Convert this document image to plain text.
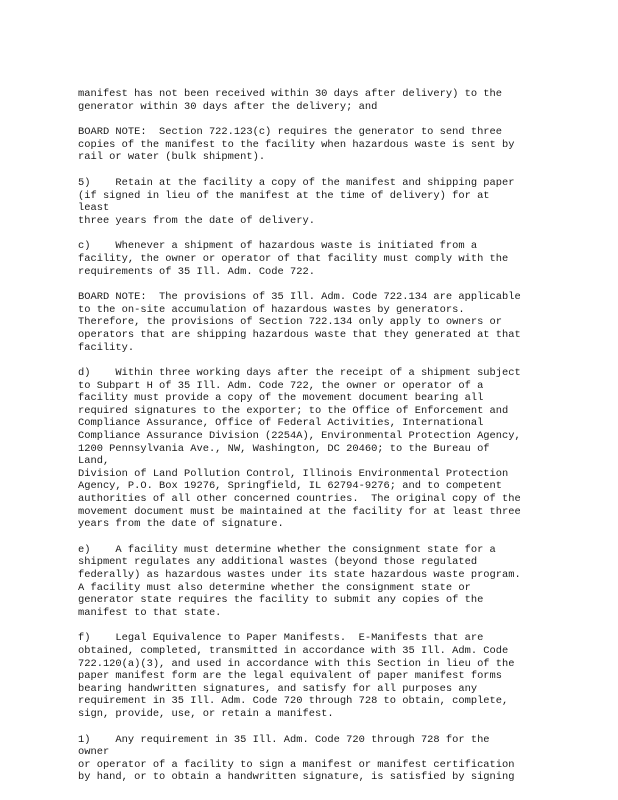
manifest has not been received within 30 days after delivery) to the
generator within 30 days after the delivery; and

BOARD NOTE:  Section 722.123(c) requires the generator to send three
copies of the manifest to the facility when hazardous waste is sent by
rail or water (bulk shipment).

5)    Retain at the facility a copy of the manifest and shipping paper
(if signed in lieu of the manifest at the time of delivery) for at least
three years from the date of delivery.

c)    Whenever a shipment of hazardous waste is initiated from a
facility, the owner or operator of that facility must comply with the
requirements of 35 Ill. Adm. Code 722.

BOARD NOTE:  The provisions of 35 Ill. Adm. Code 722.134 are applicable
to the on-site accumulation of hazardous wastes by generators.
Therefore, the provisions of Section 722.134 only apply to owners or
operators that are shipping hazardous waste that they generated at that
facility.

d)    Within three working days after the receipt of a shipment subject
to Subpart H of 35 Ill. Adm. Code 722, the owner or operator of a
facility must provide a copy of the movement document bearing all
required signatures to the exporter; to the Office of Enforcement and
Compliance Assurance, Office of Federal Activities, International
Compliance Assurance Division (2254A), Environmental Protection Agency,
1200 Pennsylvania Ave., NW, Washington, DC 20460; to the Bureau of Land,
Division of Land Pollution Control, Illinois Environmental Protection
Agency, P.O. Box 19276, Springfield, IL 62794-9276; and to competent
authorities of all other concerned countries.  The original copy of the
movement document must be maintained at the facility for at least three
years from the date of signature.

e)    A facility must determine whether the consignment state for a
shipment regulates any additional wastes (beyond those regulated
federally) as hazardous wastes under its state hazardous waste program.
A facility must also determine whether the consignment state or
generator state requires the facility to submit any copies of the
manifest to that state.

f)    Legal Equivalence to Paper Manifests.  E-Manifests that are
obtained, completed, transmitted in accordance with 35 Ill. Adm. Code
722.120(a)(3), and used in accordance with this Section in lieu of the
paper manifest form are the legal equivalent of paper manifest forms
bearing handwritten signatures, and satisfy for all purposes any
requirement in 35 Ill. Adm. Code 720 through 728 to obtain, complete,
sign, provide, use, or retain a manifest.

1)    Any requirement in 35 Ill. Adm. Code 720 through 728 for the owner
or operator of a facility to sign a manifest or manifest certification
by hand, or to obtain a handwritten signature, is satisfied by signing
